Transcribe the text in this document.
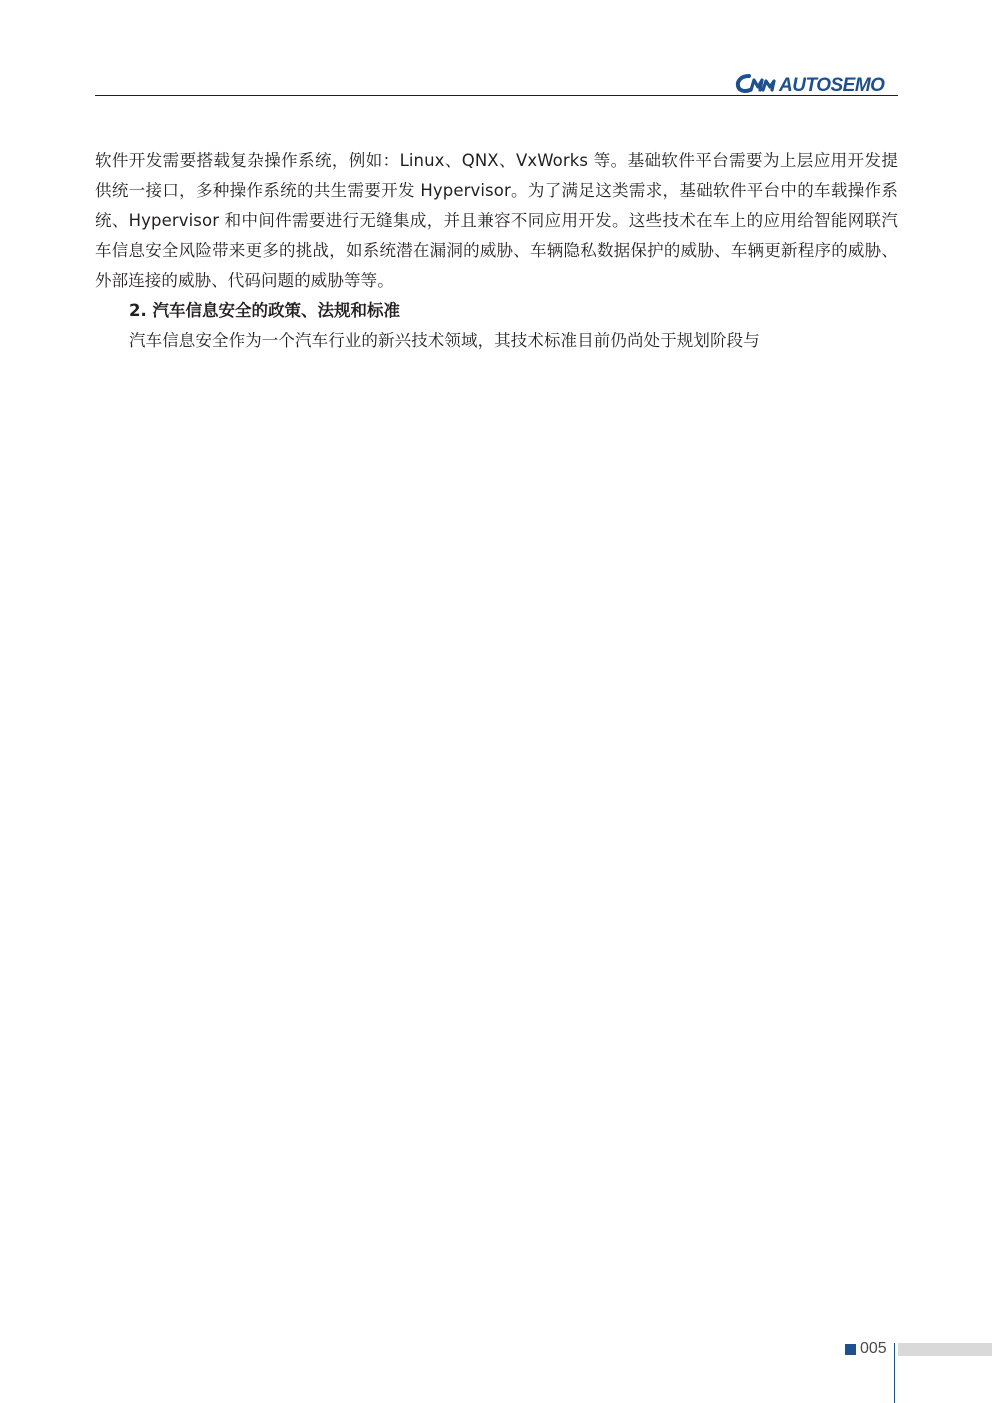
AUTOSEMO

软件开发需要搭载复杂操作系统，例如：Linux、QNX、VxWorks 等。基础软件平台需要为上层应用开发提供统一接口，多种操作系统的共生需要开发 Hypervisor。为了满足这类需求，基础软件平台中的车载操作系统、Hypervisor 和中间件需要进行无缝集成，并且兼容不同应用开发。这些技术在车上的应用给智能网联汽车信息安全风险带来更多的挑战，如系统潜在漏洞的威胁、车辆隐私数据保护的威胁、车辆更新程序的威胁、外部连接的威胁、代码问题的威胁等等。

2. 汽车信息安全的政策、法规和标准

汽车信息安全作为一个汽车行业的新兴技术领域，其技术标准目前仍尚处于规划阶段与

005
